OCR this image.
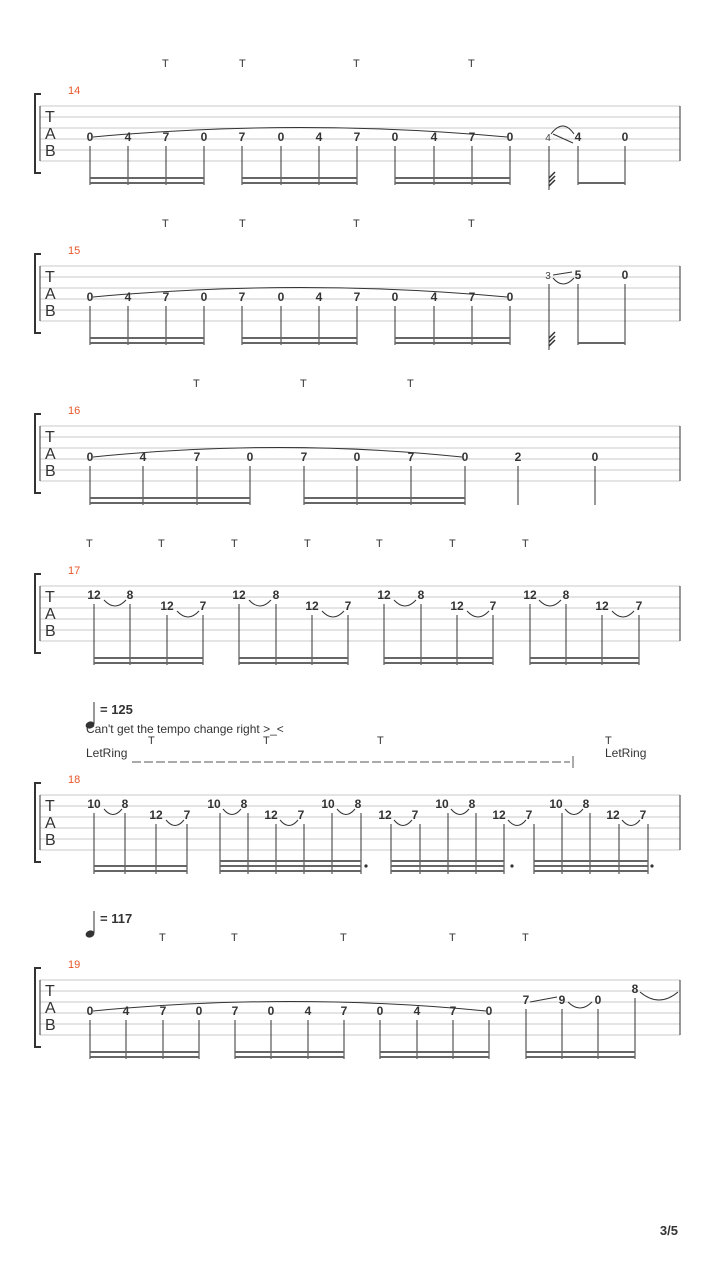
T	T	T	T
14
T
A
B
0	4	7	0	7	0	4	7	0	4	7	0	4 4	0
T	T	T	T
15
T
A
B
0	4	7	0	7	0	4	7	0	4	7	0
3 5	0
T	T	T
16
T
A
B
0	4	7	0	7	0	7	0	2	0
T	T	T	T	T	T	T
17
T
A
B
12 8
12 7
12 8
12 7
12 8
12 7
12 8
12 7
= 125
Can't get the tempo change right >_<
LetRing	LetRing
T	T	T	T
18
T
A
B
10 8
12 7
10 8
12 7
10 8
12 7
10 8
12 7
10 8
12 7
= 117
T	T	T	T	T
19
T
A
B
0 4	7 0 7 0	4 7 0	4 7 0
7 9 0
8
3/5
